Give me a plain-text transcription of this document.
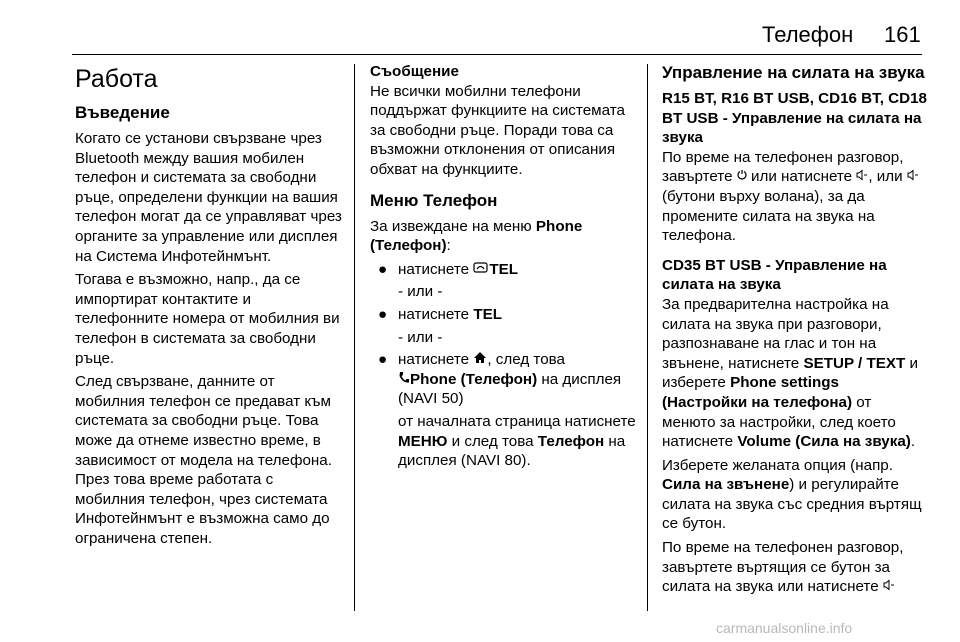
Телефон 161
Работа
Въведение

Когато се установи свързване чрез Bluetooth между вашия мобилен телефон и системата за свободни ръце, определени функции на вашия телефон могат да се управляват чрез органите за управление или дисплея на Система Инфотейнмънт.

Тогава е възможно, напр., да се импортират контактите и телефонните номера от мобилния ви телефон в системата за свободни ръце.

След свързване, данните от мобилния телефон се предават към системата за свободни ръце. Това може да отнеме известно време, в зависимост от модела на телефона. През това време работата с мобилния телефон, чрез системата Инфотейнмънт е възможна само до ограничена степен.

Съобщение

Не всички мобилни телефони поддържат функциите на системата за свободни ръце. Поради това са възможни отклонения от описания обхват на функциите.

Меню Телефон

За извеждане на меню Phone (Телефон):

● натиснете TEL
- или -
● натиснете TEL
- или -
● натиснете , след това
Phone (Телефон) на дисплея (NAVI 50)
от началната страница натиснете МЕНЮ и след това Телефон на дисплея (NAVI 80).
Управление на силата на звука
R15 BT, R16 BT USB, CD16 BT, CD18 BT USB - Управление на силата на звука

По време на телефонен разговор, завъртете  или натиснете , или  (бутони върху волана), за да промените силата на звука на телефона.

CD35 BT USB - Управление на силата на звука

За предварителна настройка на силата на звука при разговори, разпознаване на глас и тон на звънене, натиснете SETUP / TEXT и изберете Phone settings (Настройки на телефона) от менюто за настройки, след което натиснете Volume (Сила на звука).

Изберете желаната опция (напр. Сила на звънене) и регулирайте силата на звука със средния въртящ се бутон.

По време на телефонен разговор, завъртете въртящия се бутон за силата на звука или натиснете

carmanualsonline.info
